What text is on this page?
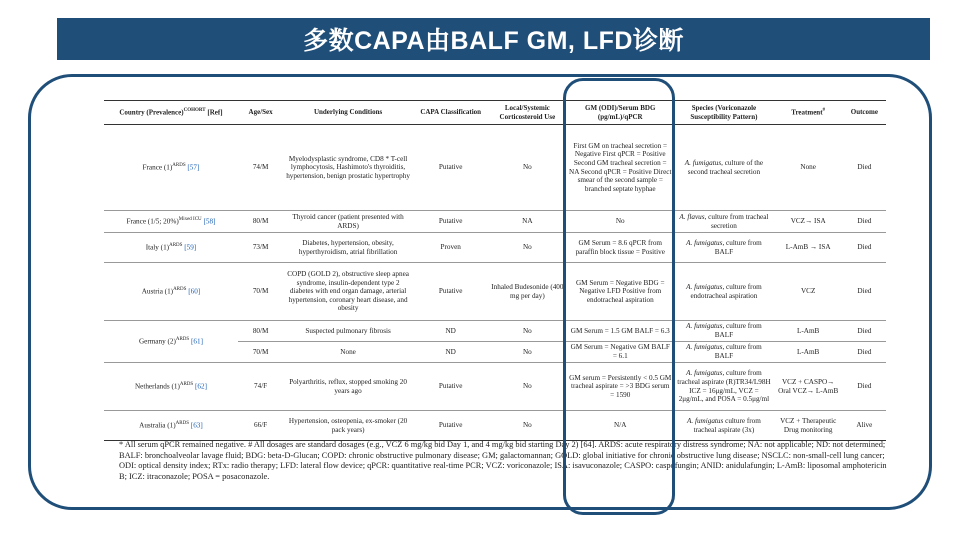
多数CAPA由BALF GM, LFD诊断
Country (Prevalence)$^{COHORT}$ [Ref]	Age/Sex	Underlying Conditions	CAPA Classification	Local/Systemic Corticosteroid Use	GM (ODI)/Serum BDG (pg/mL)/qPCR	Species (Voriconazole Susceptibility Pattern)	Treatment#	Outcome
France $(1)^{ARDS}$ [57]	74/M	Myelodysplastic syndrome, CD8 * T-cell lymphocytosis, Hashimoto's thyroiditis, hypertension, benign prostatic hypertrophy	Putative	No	First GM on tracheal secretion = Negative First qPCR = Positive Second GM tracheal secretion = NA Second qPCR = Positive Direct smear of the second sample = branched septate hyphae	A. fumigatus, culture of the second tracheal secretion	None	Died
France (1/5; 20%)$^{Mixed ICU}$ [58]	80/M	Thyroid cancer (patient presented with ARDS)	Putative	NA	No	A. flavus, culture from tracheal secretion	VCZ→ ISA	Died
Italy $(1)^{ARDS}$ [59]	73/M	Diabetes, hypertension, obesity, hyperthyroidism, atrial fibrillation	Proven	No	GM Serum = 8.6 qPCR from paraffin block tissue = Positive	A. fumigatus, culture from BALF	L-AmB → ISA	Died
Austria $(1)^{ARDS}$ [60]	70/M	COPD (GOLD 2), obstructive sleep apnea syndrome, insulin-dependent type 2 diabetes with end organ damage, arterial hypertension, coronary heart disease, and obesity	Putative	Inhaled Budesonide (400 mg per day)	GM Serum = Negative BDG = Negative LFD Positive from endotracheal aspiration	A. fumigatus, culture from endotracheal aspiration	VCZ	Died
Germany $(2)^{ARDS}$ [61]	80/M	Suspected pulmonary fibrosis	ND	No	GM Serum = 1.5 GM BALF = 6.3	A. fumigatus, culture from BALF	L-AmB	Died
	70/M	None	ND	No	GM Serum = Negative GM BALF = 6.1	A. fumigatus, culture from BALF	L-AmB	Died
Netherlands $(1)^{ARDS}$ [62]	74/F	Polyarthritis, reflux, stopped smoking 20 years ago	Putative	No	GM serum = Persistently < 0.5 GM tracheal aspirate = >3 BDG serum = 1590	A. fumigatus, culture from tracheal aspirate (R)TR34/L98H ICZ = 16μg/mL, VCZ = 2μg/mL, and POSA = 0.5μg/ml	VCZ + CASPO→ Oral VCZ→ L-AmB	Died
Australia $(1)^{ARDS}$ [63]	66/F	Hypertension, osteopenia, ex-smoker (20 pack years)	Putative	No	N/A	A. fumigatus culture from tracheal aspirate (3x)	VCZ + Therapeutic Drug monitoring	Alive
* All serum qPCR remained negative. # All dosages are standard dosages (e.g., VCZ 6 mg/kg bid Day 1, and 4 mg/kg bid starting Day 2) [64]. ARDS: acute respiratory distress syndrome; NA: not applicable; ND: not determined; BALF: bronchoalveolar lavage fluid; BDG: beta-D-Glucan; COPD: chronic obstructive pulmonary disease; GM; galactomannan; GOLD: global initiative for chronic obstructive lung disease; NSCLC: non-small-cell lung cancer; ODI: optical density index; RTx: radio therapy; LFD: lateral flow device; qPCR: quantitative real-time PCR; VCZ: voriconazole; ISA: isavuconazole; CASPO: caspofungin; ANID: anidulafungin; L-AmB: liposomal amphotericin B; ICZ: itraconazole; POSA = posaconazole.
